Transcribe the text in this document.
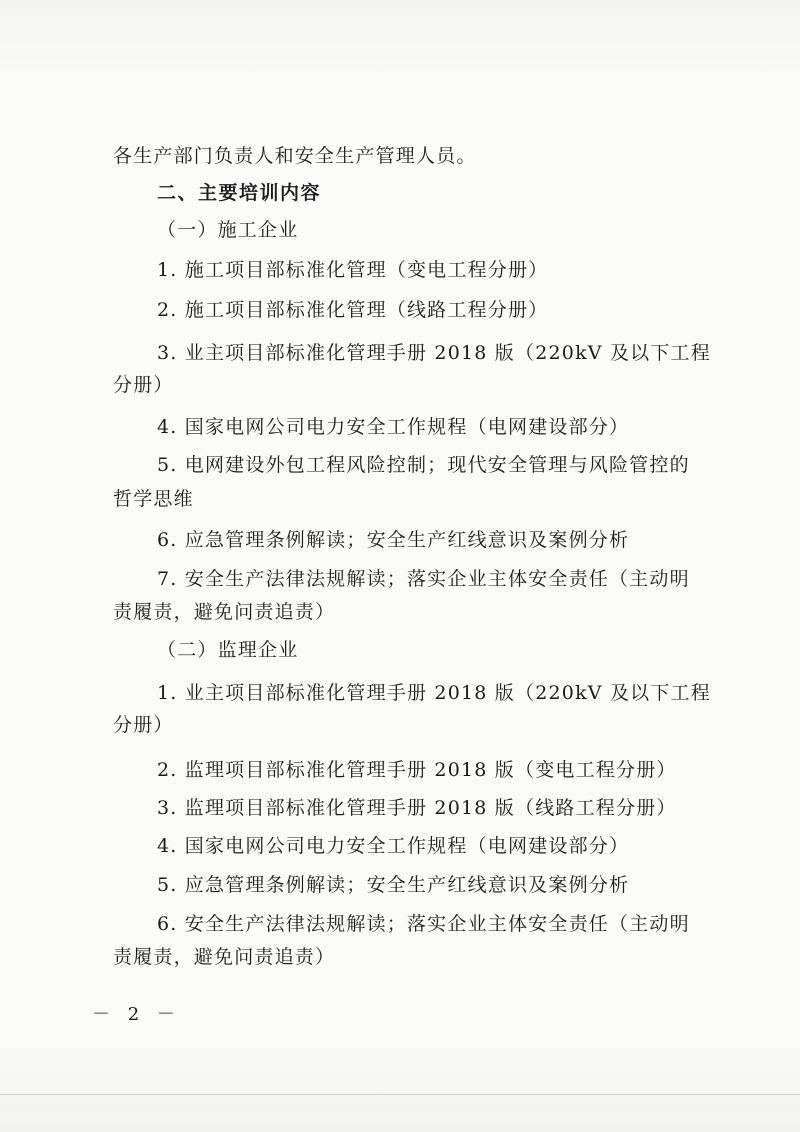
各生产部门负责人和安全生产管理人员。
二、主要培训内容
（一）施工企业
1. 施工项目部标准化管理（变电工程分册）
2. 施工项目部标准化管理（线路工程分册）
3. 业主项目部标准化管理手册 2018 版（220kV 及以下工程
分册）
4. 国家电网公司电力安全工作规程（电网建设部分）
5. 电网建设外包工程风险控制；现代安全管理与风险管控的
哲学思维
6. 应急管理条例解读；安全生产红线意识及案例分析
7. 安全生产法律法规解读；落实企业主体安全责任（主动明
责履责，避免问责追责）
（二）监理企业
1. 业主项目部标准化管理手册 2018 版（220kV 及以下工程
分册）
2. 监理项目部标准化管理手册 2018 版（变电工程分册）
3. 监理项目部标准化管理手册 2018 版（线路工程分册）
4. 国家电网公司电力安全工作规程（电网建设部分）
5. 应急管理条例解读；安全生产红线意识及案例分析
6. 安全生产法律法规解读；落实企业主体安全责任（主动明
责履责，避免问责追责）
－ 2 －
